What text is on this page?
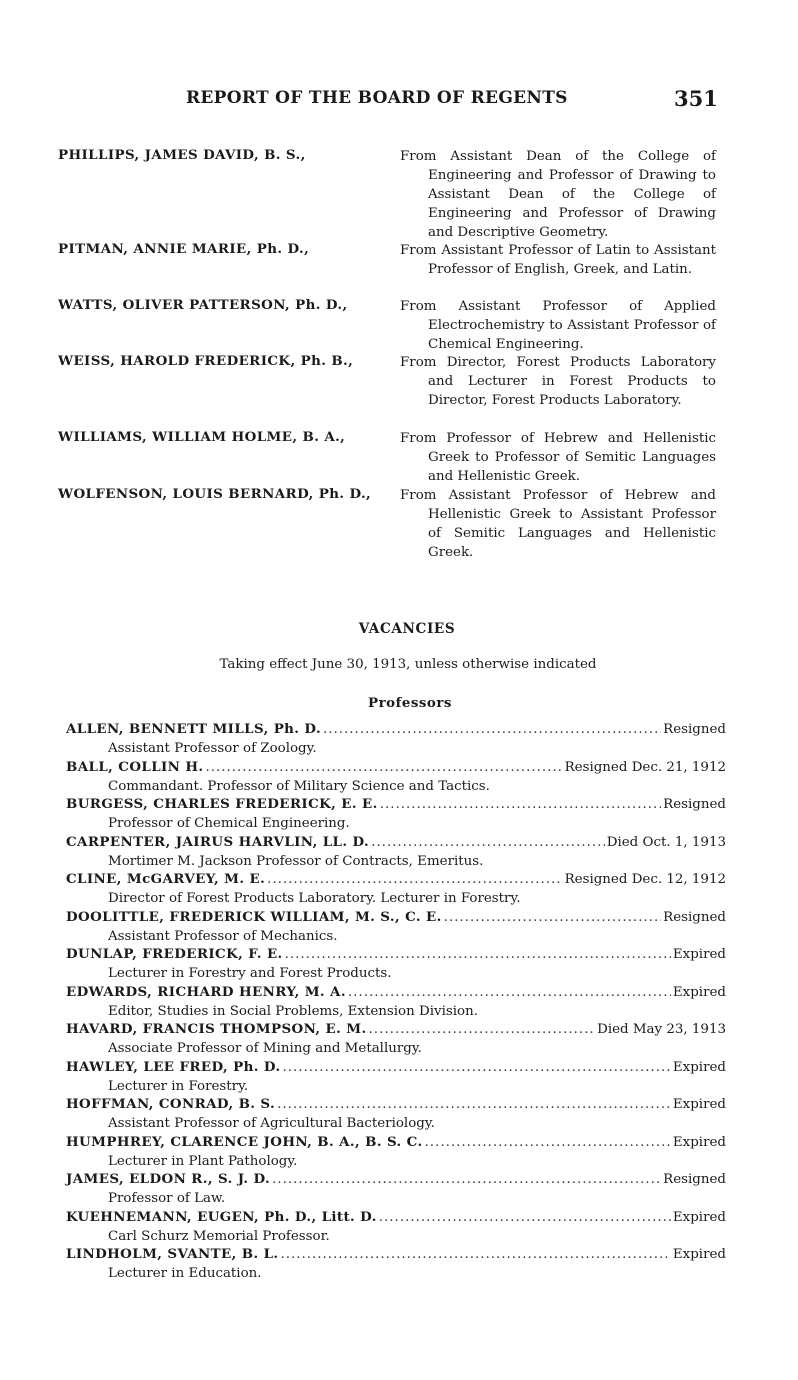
REPORT OF THE BOARD OF REGENTS	351
PHILLIPS, JAMES DAVID, B. S.,	From Assistant Dean of the College of Engineering and Professor of Drawing to Assistant Dean of the College of Engineering and Professor of Drawing and Descriptive Geometry.
PITMAN, ANNIE MARIE, Ph. D.,	From Assistant Professor of Latin to Assistant Professor of English, Greek, and Latin.
WATTS, OLIVER PATTERSON, Ph. D.,	From Assistant Professor of Applied Electrochemistry to Assistant Professor of Chemical Engineering.
WEISS, HAROLD FREDERICK, Ph. B.,	From Director, Forest Products Laboratory and Lecturer in Forest Products to Director, Forest Products Laboratory.
WILLIAMS, WILLIAM HOLME, B. A.,	From Professor of Hebrew and Hellenistic Greek to Professor of Semitic Languages and Hellenistic Greek.
WOLFENSON, LOUIS BERNARD, Ph. D.,	From Assistant Professor of Hebrew and Hellenistic Greek to Assistant Professor of Semitic Languages and Hellenistic Greek.
VACANCIES
Taking effect June 30, 1913, unless otherwise indicated
Professors
ALLEN, BENNETT MILLS, Ph. D. .....	Resigned
Assistant Professor of Zoology.
BALL, COLLIN H. .....	Resigned Dec. 21, 1912
Commandant. Professor of Military Science and Tactics.
BURGESS, CHARLES FREDERICK, E. E. .....	Resigned
Professor of Chemical Engineering.
CARPENTER, JAIRUS HARVLIN, LL. D. .....	Died Oct. 1, 1913
Mortimer M. Jackson Professor of Contracts, Emeritus.
CLINE, McGARVEY, M. E. .....	Resigned Dec. 12, 1912
Director of Forest Products Laboratory. Lecturer in Forestry.
DOOLITTLE, FREDERICK WILLIAM, M. S., C. E. .....	Resigned
Assistant Professor of Mechanics.
DUNLAP, FREDERICK, F. E. .....	Expired
Lecturer in Forestry and Forest Products.
EDWARDS, RICHARD HENRY, M. A. .....	Expired
Editor, Studies in Social Problems, Extension Division.
HAVARD, FRANCIS THOMPSON, E. M. .....	Died May 23, 1913
Associate Professor of Mining and Metallurgy.
HAWLEY, LEE FRED, Ph. D. .....	Expired
Lecturer in Forestry.
HOFFMAN, CONRAD, B. S. .....	Expired
Assistant Professor of Agricultural Bacteriology.
HUMPHREY, CLARENCE JOHN, B. A., B. S. C. .....	Expired
Lecturer in Plant Pathology.
JAMES, ELDON R., S. J. D. .....	Resigned
Professor of Law.
KUEHNEMANN, EUGEN, Ph. D., Litt. D. .....	Expired
Carl Schurz Memorial Professor.
LINDHOLM, SVANTE, B. L. .....	Expired
Lecturer in Education.
